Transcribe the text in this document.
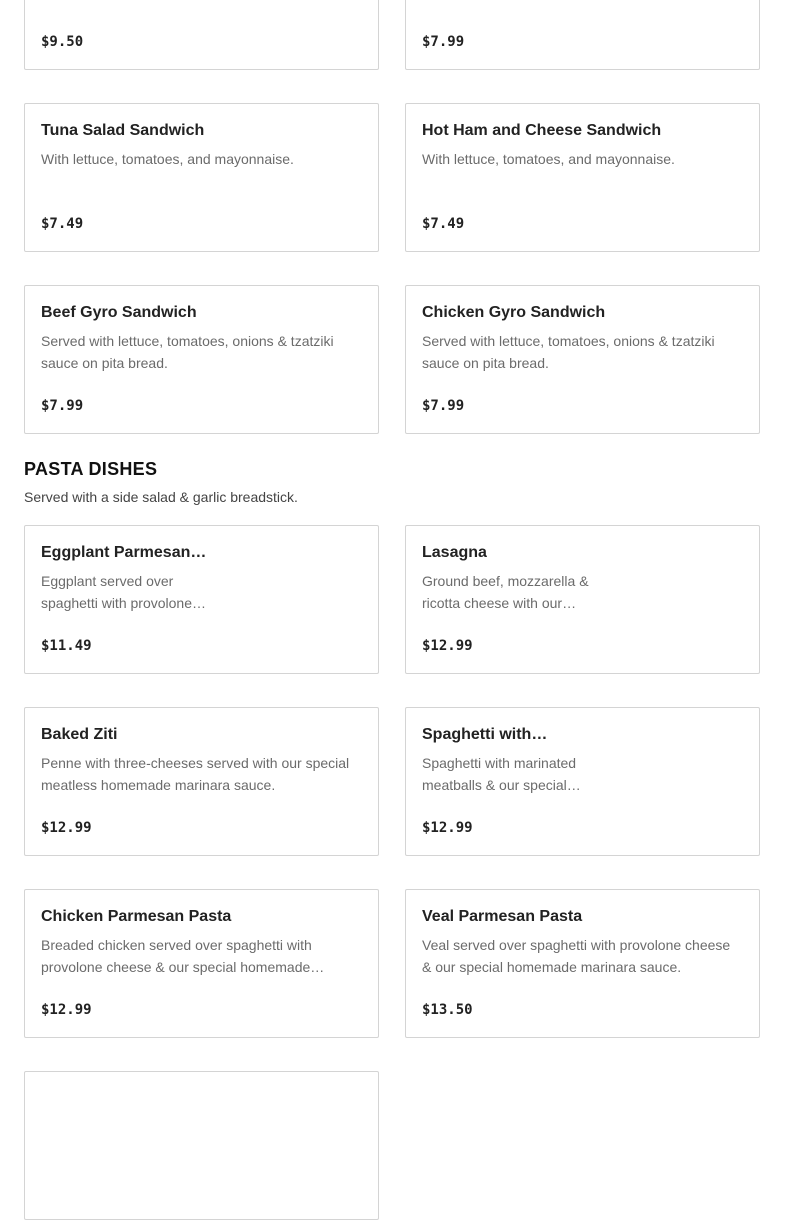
$9.50	$7.99
Tuna Salad Sandwich
With lettuce, tomatoes, and mayonnaise.
$7.49
Hot Ham and Cheese Sandwich
With lettuce, tomatoes, and mayonnaise.
$7.49
Beef Gyro Sandwich
Served with lettuce, tomatoes, onions & tzatziki sauce on pita bread.
$7.99
Chicken Gyro Sandwich
Served with lettuce, tomatoes, onions & tzatziki sauce on pita bread.
$7.99
PASTA DISHES

Served with a side salad & garlic breadstick.

Eggplant Parmesan…
Eggplant served over spaghetti with provolone…
$11.49
Lasagna
Ground beef, mozzarella & ricotta cheese with our…
$12.99
Baked Ziti
Penne with three-cheeses served with our special meatless homemade marinara sauce.
$12.99
Spaghetti with…
Spaghetti with marinated meatballs & our special…
$12.99
Chicken Parmesan Pasta
Breaded chicken served over spaghetti with provolone cheese & our special homemade…
$12.99
Veal Parmesan Pasta
Veal served over spaghetti with provolone cheese & our special homemade marinara sauce.
$13.50
